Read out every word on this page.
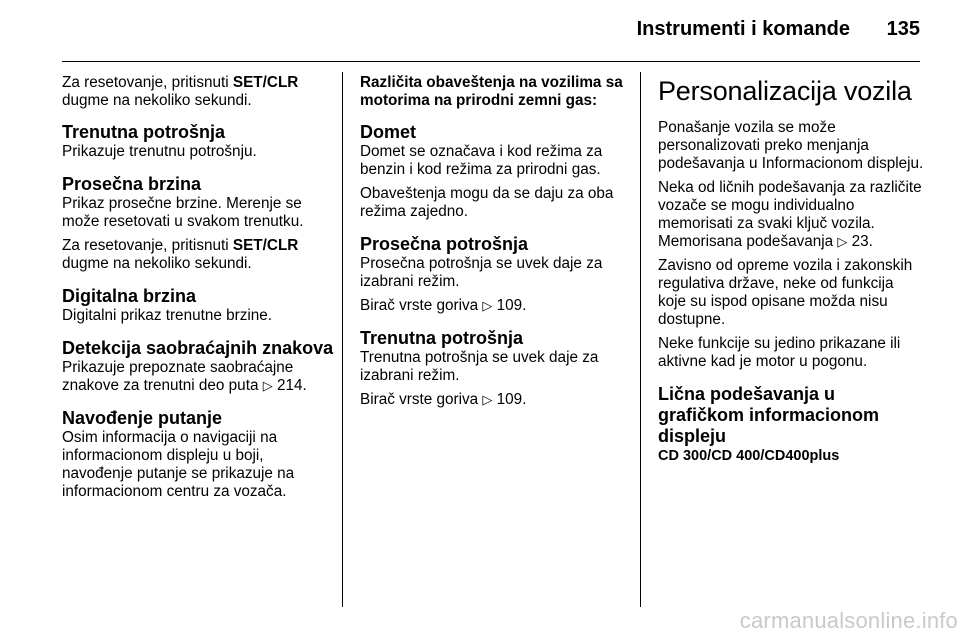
Instrumenti i komande	135

Za resetovanje, pritisnuti SET/CLR dugme na nekoliko sekundi.

Trenutna potrošnja

Prikazuje trenutnu potrošnju.

Prosečna brzina

Prikaz prosečne brzine. Merenje se može resetovati u svakom trenutku.

Za resetovanje, pritisnuti SET/CLR dugme na nekoliko sekundi.

Digitalna brzina

Digitalni prikaz trenutne brzine.

Detekcija saobraćajnih znakova

Prikazuje prepoznate saobraćajne znakove za trenutni deo puta ▷ 214.

Navođenje putanje

Osim informacija o navigaciji na informacionom displeju u boji, navođenje putanje se prikazuje na informacionom centru za vozača.

Različita obaveštenja na vozilima sa motorima na prirodni zemni gas:
Domet

Domet se označava i kod režima za benzin i kod režima za prirodni gas.

Obaveštenja mogu da se daju za oba režima zajedno.

Prosečna potrošnja

Prosečna potrošnja se uvek daje za izabrani režim.

Birač vrste goriva ▷ 109.

Trenutna potrošnja

Trenutna potrošnja se uvek daje za izabrani režim.

Birač vrste goriva ▷ 109.

Personalizacija vozila

Ponašanje vozila se može personalizovati preko menjanja podešavanja u Informacionom displeju.

Neka od ličnih podešavanja za različite vozače se mogu individualno memorisati za svaki ključ vozila. Memorisana podešavanja ▷ 23.

Zavisno od opreme vozila i zakonskih regulativa države, neke od funkcija koje su ispod opisane možda nisu dostupne.

Neke funkcije su jedino prikazane ili aktivne kad je motor u pogonu.

Lična podešavanja u grafičkom informacionom displeju
CD 300/CD 400/CD400plus
carmanualsonline.info
